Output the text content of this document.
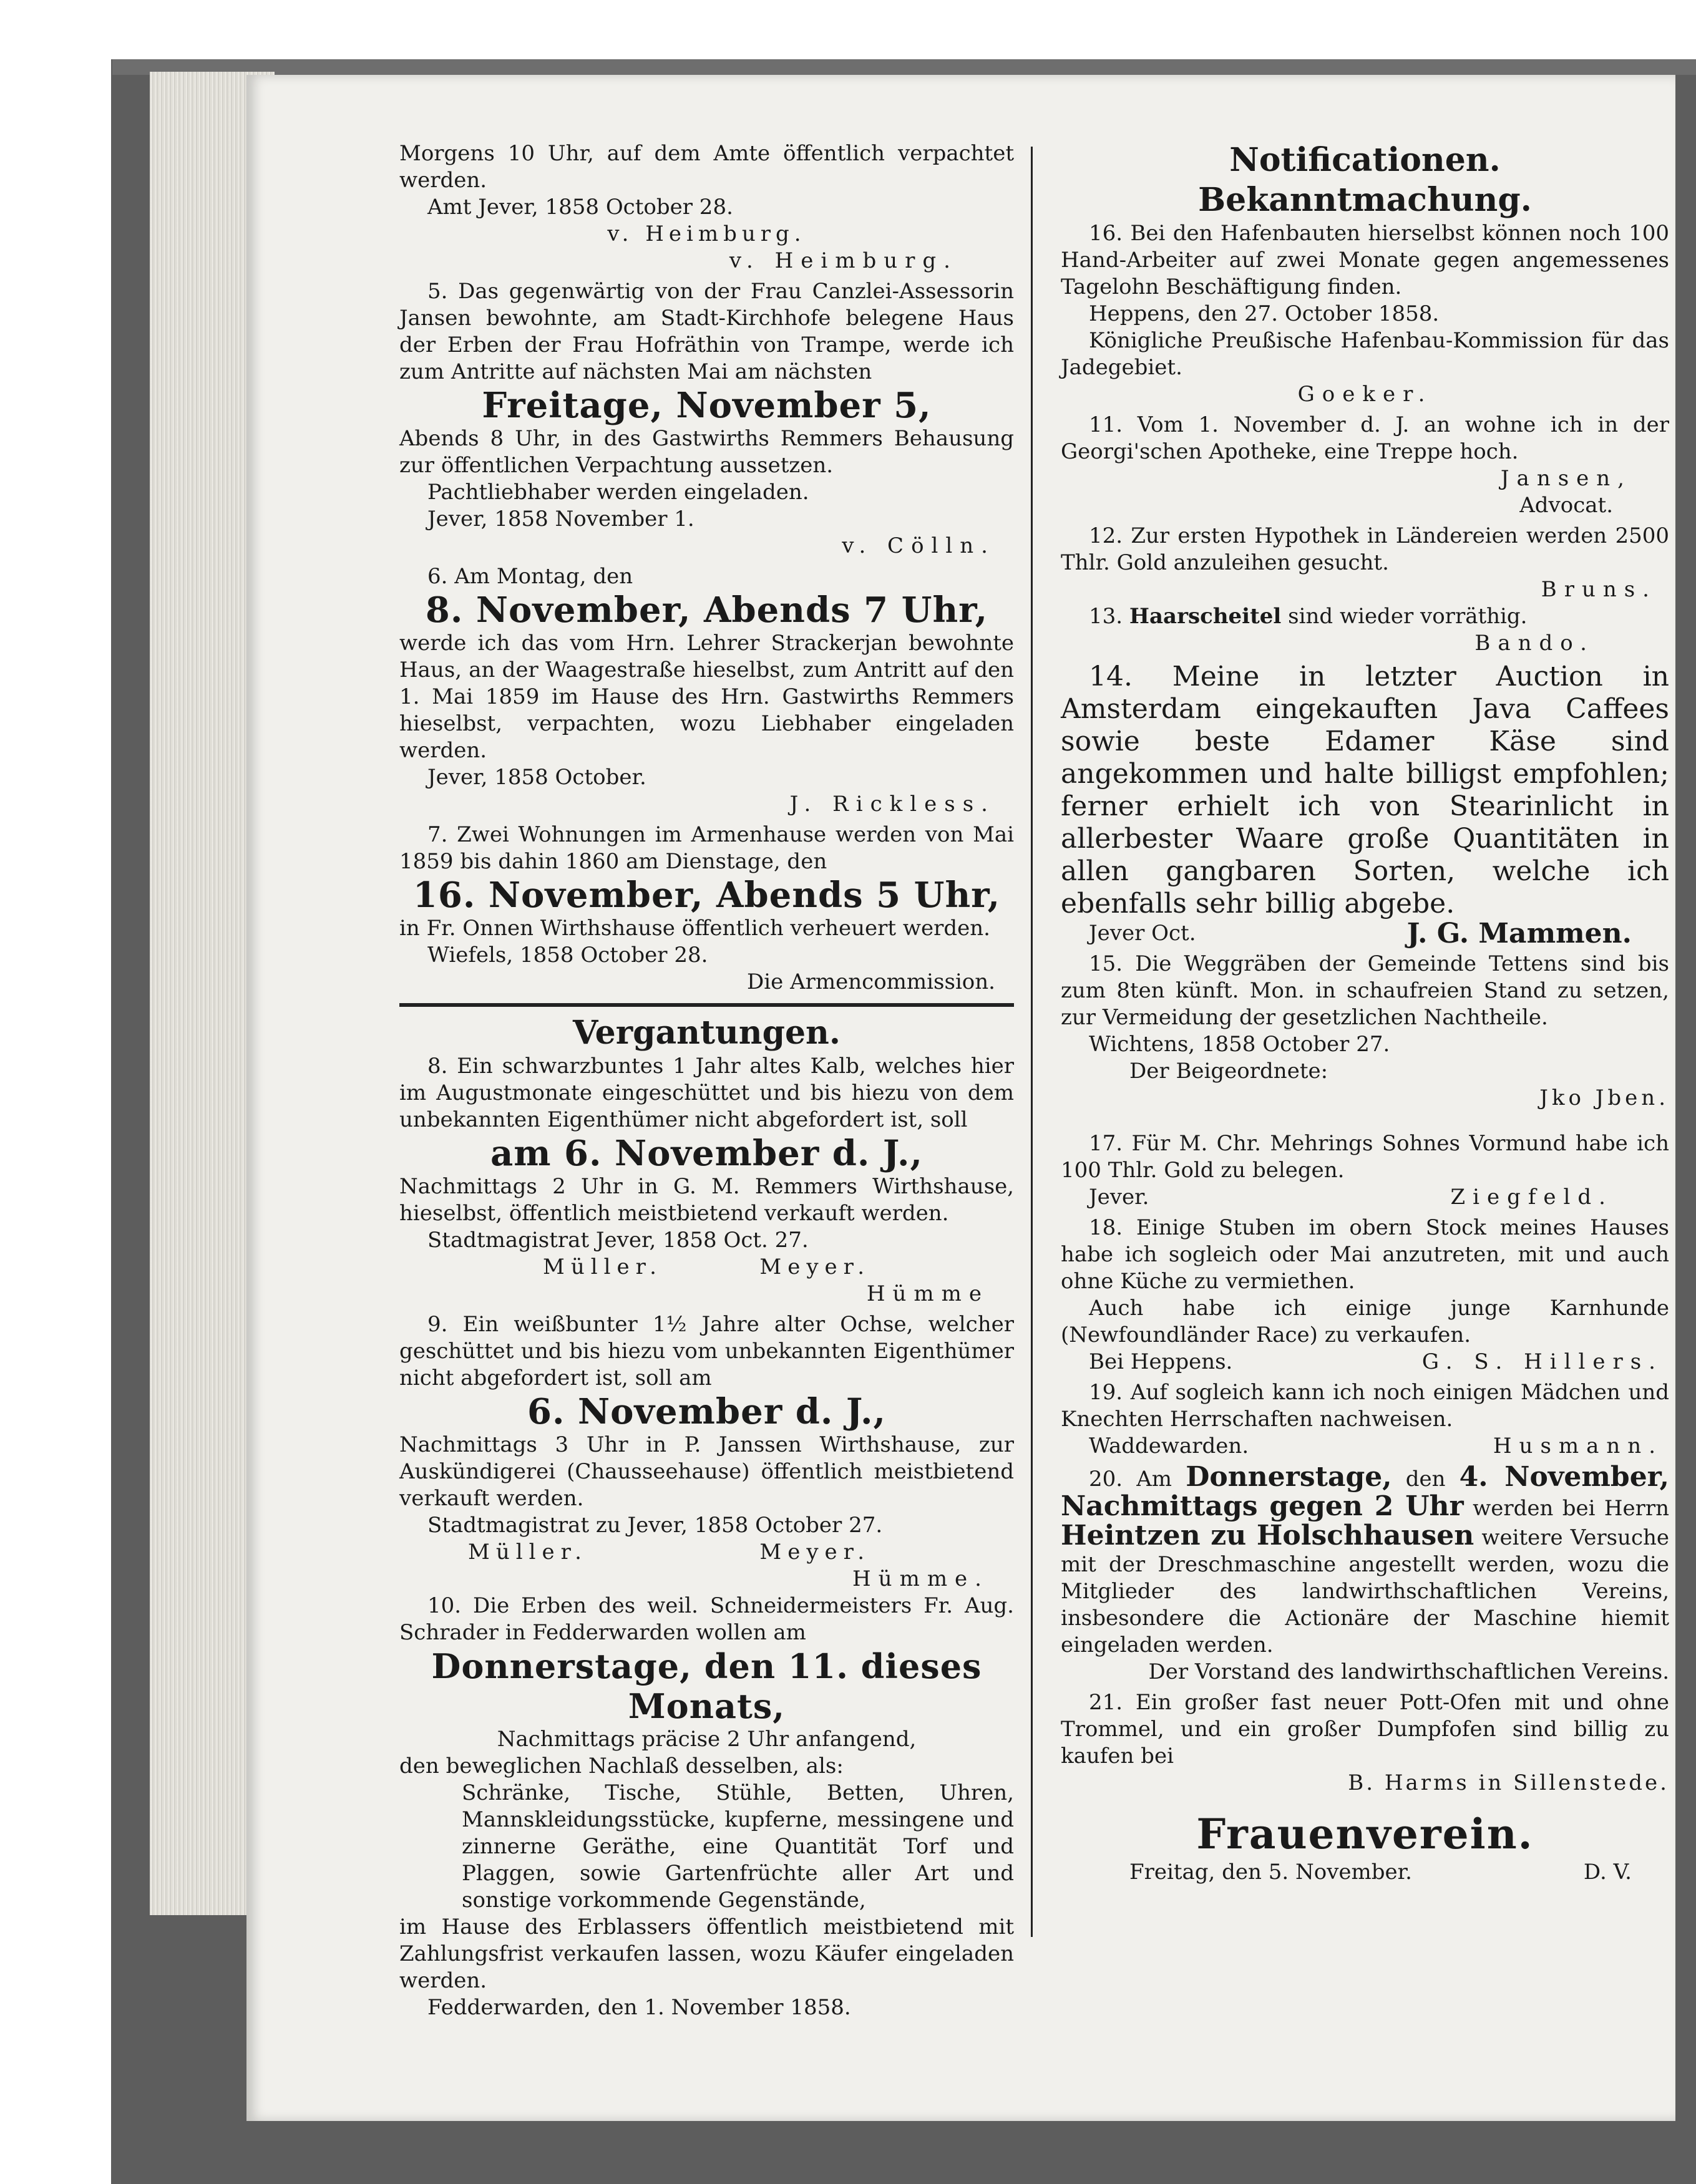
Morgens 10 Uhr, auf dem Amte öffentlich verpachtet werden.

Amt Jever, 1858 October 28.

v. Heimburg.

v. Heimburg.

5. Das gegenwärtig von der Frau Canzlei-Assessorin Jansen bewohnte, am Stadt-Kirchhofe belegene Haus der Erben der Frau Hofräthin von Trampe, werde ich zum Antritte auf nächsten Mai am nächsten

Freitage, November 5,

Abends 8 Uhr, in des Gastwirths Remmers Behausung zur öffentlichen Verpachtung aussetzen.

Pachtliebhaber werden eingeladen.

Jever, 1858 November 1.

v. Cölln.

6. Am Montag, den

8. November, Abends 7 Uhr,

werde ich das vom Hrn. Lehrer Strackerjan bewohnte Haus, an der Waagestraße hieselbst, zum Antritt auf den 1. Mai 1859 im Hause des Hrn. Gastwirths Remmers hieselbst, verpachten, wozu Liebhaber eingeladen werden.

Jever, 1858 October.

J. Rickless.

7. Zwei Wohnungen im Armenhause werden von Mai 1859 bis dahin 1860 am Dienstage, den

16. November, Abends 5 Uhr,

in Fr. Onnen Wirthshause öffentlich verheuert werden.

Wiefels, 1858 October 28.

Die Armencommission.

Vergantungen.

8. Ein schwarzbuntes 1 Jahr altes Kalb, welches hier im Augustmonate eingeschüttet und bis hiezu von dem unbekannten Eigenthümer nicht abgefordert ist, soll

am 6. November d. J.,

Nachmittags 2 Uhr in G. M. Remmers Wirthshause, hieselbst, öffentlich meistbietend verkauft werden.

Stadtmagistrat Jever, 1858 Oct. 27.

Müller.	Meyer.

Hümme

9. Ein weißbunter 1½ Jahre alter Ochse, welcher geschüttet und bis hiezu vom unbekannten Eigenthümer nicht abgefordert ist, soll am

6. November d. J.,

Nachmittags 3 Uhr in P. Janssen Wirthshause, zur Auskündigerei (Chausseehause) öffentlich meistbietend verkauft werden.

Stadtmagistrat zu Jever, 1858 October 27.

Müller.	Meyer.

Hümme.

10. Die Erben des weil. Schneidermeisters Fr. Aug. Schrader in Fedderwarden wollen am

Donnerstage, den 11. dieses Monats,

Nachmittags präcise 2 Uhr anfangend,

den beweglichen Nachlaß desselben, als:

Schränke, Tische, Stühle, Betten, Uhren, Mannskleidungsstücke, kupferne, messingene und zinnerne Geräthe, eine Quantität Torf und Plaggen, sowie Gartenfrüchte aller Art und sonstige vorkommende Gegenstände,

im Hause des Erblassers öffentlich meistbietend mit Zahlungsfrist verkaufen lassen, wozu Käufer eingeladen werden.

Fedderwarden, den 1. November 1858.

Notificationen.

Bekanntmachung.

16. Bei den Hafenbauten hierselbst können noch 100 Hand-Arbeiter auf zwei Monate gegen angemessenes Tagelohn Beschäftigung finden.

Heppens, den 27. October 1858.

Königliche Preußische Hafenbau-Kommission für das Jadegebiet.

Goeker.

11. Vom 1. November d. J. an wohne ich in der Georgi'schen Apotheke, eine Treppe hoch.

Jansen,

Advocat.

12. Zur ersten Hypothek in Ländereien werden 2500 Thlr. Gold anzuleihen gesucht.

Bruns.

13. Haarscheitel sind wieder vorräthig.

Bando.

14. Meine in letzter Auction in Amsterdam eingekauften Java Caffees sowie beste Edamer Käse sind angekommen und halte billigst empfohlen; ferner erhielt ich von Stearinlicht in allerbester Waare große Quantitäten in allen gangbaren Sorten, welche ich ebenfalls sehr billig abgebe.

Jever Oct.	J. G. Mammen.

15. Die Weggräben der Gemeinde Tettens sind bis zum 8ten künft. Mon. in schaufreien Stand zu setzen, zur Vermeidung der gesetzlichen Nachtheile.

Wichtens, 1858 October 27.

Der Beigeordnete:

Jko Jben.

17. Für M. Chr. Mehrings Sohnes Vormund habe ich 100 Thlr. Gold zu belegen.

Jever.	Ziegfeld.

18. Einige Stuben im obern Stock meines Hauses habe ich sogleich oder Mai anzutreten, mit und auch ohne Küche zu vermiethen.

Auch habe ich einige junge Karnhunde (Newfoundländer Race) zu verkaufen.

Bei Heppens.	G. S. Hillers.

19. Auf sogleich kann ich noch einigen Mädchen und Knechten Herrschaften nachweisen.

Waddewarden.	Husmann.

20. Am Donnerstage, den 4. November, Nachmittags gegen 2 Uhr werden bei Herrn Heintzen zu Holschhausen weitere Versuche mit der Dreschmaschine angestellt werden, wozu die Mitglieder des landwirthschaftlichen Vereins, insbesondere die Actionäre der Maschine hiemit eingeladen werden.

Der Vorstand des landwirthschaftlichen Vereins.

21. Ein großer fast neuer Pott-Ofen mit und ohne Trommel, und ein großer Dumpfofen sind billig zu kaufen bei

B. Harms in Sillenstede.

Frauenverein.

Freitag, den 5. November.	D. V.
